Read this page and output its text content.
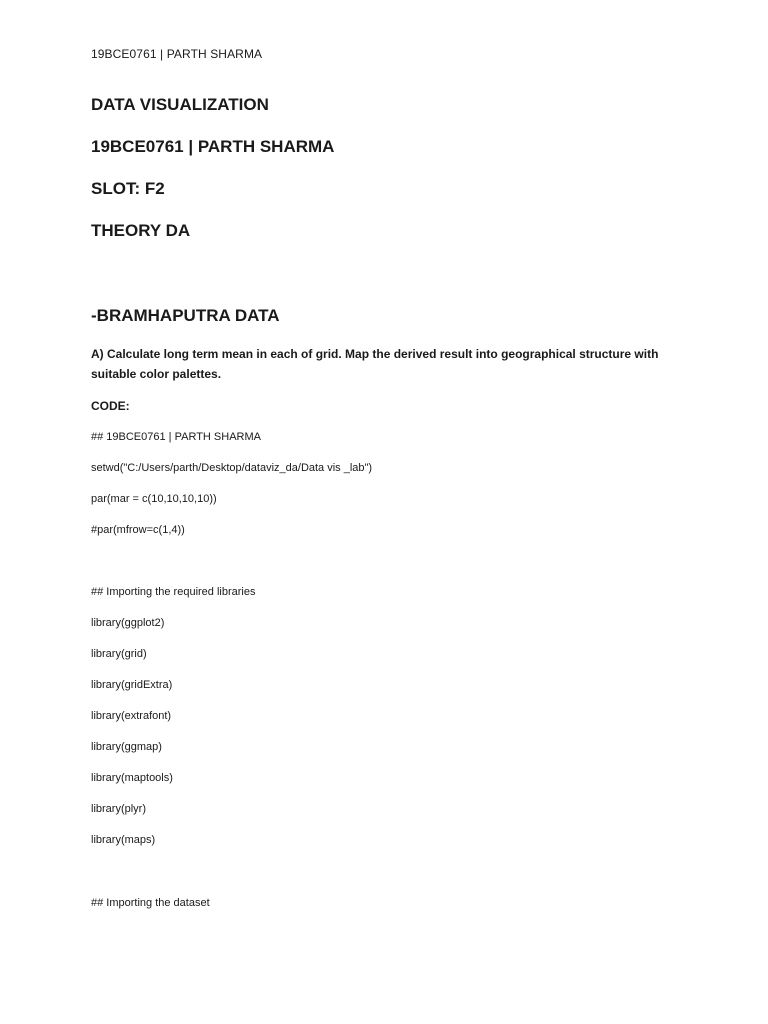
19BCE0761 | PARTH SHARMA
DATA VISUALIZATION
19BCE0761 | PARTH SHARMA
SLOT: F2
THEORY DA
-BRAMHAPUTRA DATA
A) Calculate long term mean in each of grid. Map the derived result into geographical structure with suitable color palettes.
CODE:
## 19BCE0761 | PARTH SHARMA
setwd("C:/Users/parth/Desktop/dataviz_da/Data vis _lab")
par(mar = c(10,10,10,10))
#par(mfrow=c(1,4))
## Importing the required libraries
library(ggplot2)
library(grid)
library(gridExtra)
library(extrafont)
library(ggmap)
library(maptools)
library(plyr)
library(maps)
## Importing the dataset
